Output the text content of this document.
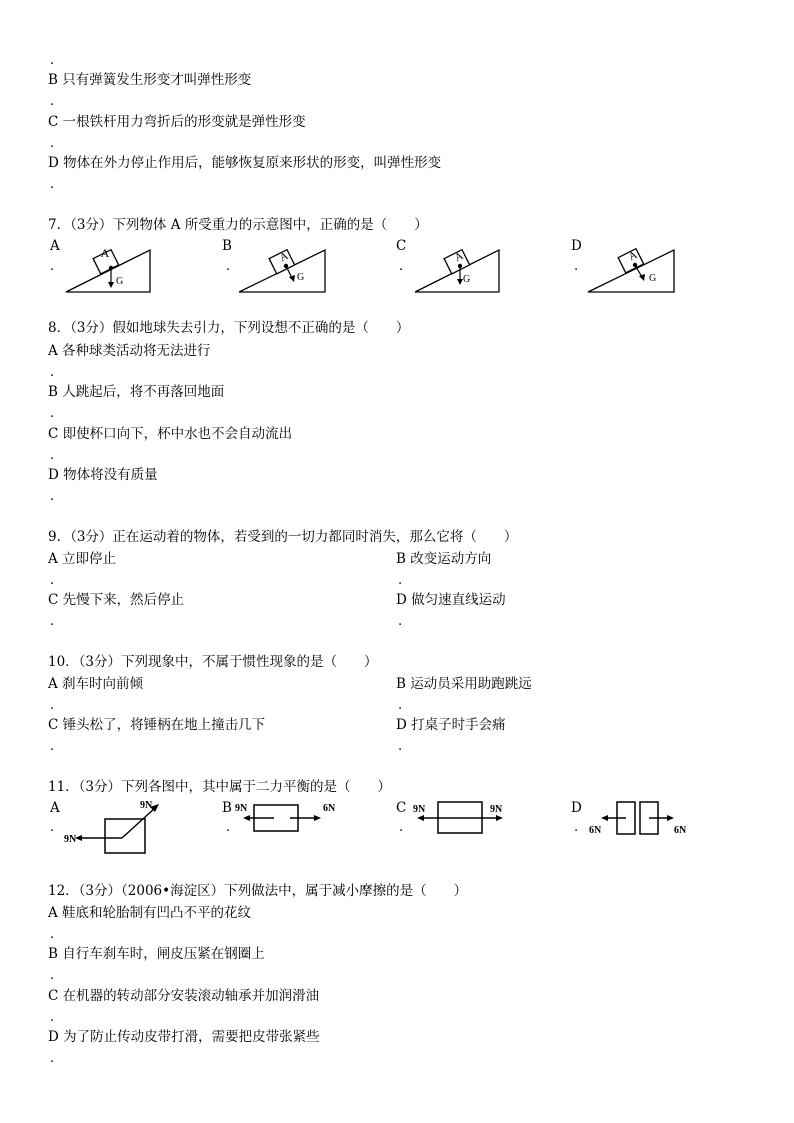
.
B 只有弹簧发生形变才叫弹性形变
.
C 一根铁杆用力弯折后的形变就是弹性形变
.
D 物体在外力停止作用后，能够恢复原来形状的形变，叫弹性形变
.
7．（3分）下列物体 A 所受重力的示意图中，正确的是（　　）
A
.
A
G
B
.
A
G
C
.
A
G
D
.
A
G
8．（3分）假如地球失去引力，下列设想不正确的是（　　）
A 各种球类活动将无法进行
.
B 人跳起后，将不再落回地面
.
C 即使杯口向下，杯中水也不会自动流出
.
D 物体将没有质量
.
9．（3分）正在运动着的物体，若受到的一切力都同时消失，那么它将（　　）
A 立即停止	B 改变运动方向
.	.
C 先慢下来，然后停止	D 做匀速直线运动
.	.
10．（3分）下列现象中，不属于惯性现象的是（　　）
A 刹车时向前倾	B 运动员采用助跑跳远
.	.
C 锤头松了，将锤柄在地上撞击几下	D 打桌子时手会痛
.	.
11．（3分）下列各图中，其中属于二力平衡的是（　　）
A
.
9N
9N
B
.
9N	6N	C
.
9N	9N	D
. 6N	6N
12．（3分）（2006•海淀区）下列做法中，属于减小摩擦的是（　　）
A 鞋底和轮胎制有凹凸不平的花纹
.
B 自行车刹车时，闸皮压紧在钢圈上
.
C 在机器的转动部分安装滚动轴承并加润滑油
.
D 为了防止传动皮带打滑，需要把皮带张紧些
.
